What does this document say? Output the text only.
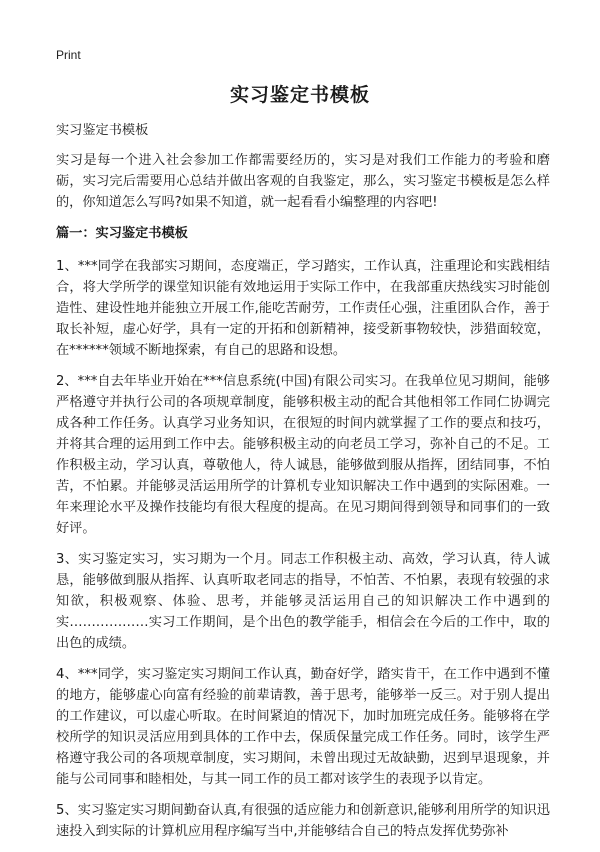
Print
实习鉴定书模板

实习鉴定书模板

实习是每一个进入社会参加工作都需要经历的，实习是对我们工作能力的考验和磨砺，实习完后需要用心总结并做出客观的自我鉴定，那么，实习鉴定书模板是怎么样的，你知道怎么写吗?如果不知道，就一起看看小编整理的内容吧!

篇一：实习鉴定书模板

1、***同学在我部实习期间，态度端正，学习踏实，工作认真，注重理论和实践相结合，将大学所学的课堂知识能有效地运用于实际工作中，在我部重庆热线实习时能创造性、建设性地并能独立开展工作,能吃苦耐劳，工作责任心强，注重团队合作，善于取长补短，虚心好学，具有一定的开拓和创新精神，接受新事物较快，涉猎面较宽，在******领域不断地探索，有自己的思路和设想。

2、***自去年毕业开始在***信息系统(中国)有限公司实习。在我单位见习期间，能够严格遵守并执行公司的各项规章制度，能够积极主动的配合其他相邻工作同仁协调完成各种工作任务。认真学习业务知识，在很短的时间内就掌握了工作的要点和技巧，并将其合理的运用到工作中去。能够积极主动的向老员工学习，弥补自己的不足。工作积极主动，学习认真，尊敬他人，待人诚恳，能够做到服从指挥，团结同事，不怕苦，不怕累。并能够灵活运用所学的计算机专业知识解决工作中遇到的实际困难。一年来理论水平及操作技能均有很大程度的提高。在见习期间得到领导和同事们的一致好评。

3、实习鉴定实习，实习期为一个月。同志工作积极主动、高效，学习认真，待人诚恳，能够做到服从指挥、认真听取老同志的指导，不怕苦、不怕累，表现有较强的求知欲，积极观察、体验、思考，并能够灵活运用自己的知识解决工作中遇到的实………………实习工作期间，是个出色的教学能手，相信会在今后的工作中，取的出色的成绩。

4、***同学，实习鉴定实习期间工作认真，勤奋好学，踏实肯干，在工作中遇到不懂的地方，能够虚心向富有经验的前辈请教，善于思考，能够举一反三。对于别人提出的工作建议，可以虚心听取。在时间紧迫的情况下，加时加班完成任务。能够将在学校所学的知识灵活应用到具体的工作中去，保质保量完成工作任务。同时，该学生严格遵守我公司的各项规章制度，实习期间，未曾出现过无故缺勤，迟到早退现象，并能与公司同事和睦相处，与其一同工作的员工都对该学生的表现予以肯定。

5、实习鉴定实习期间勤奋认真,有很强的适应能力和创新意识,能够利用所学的知识迅速投入到实际的计算机应用程序编写当中,并能够结合自己的特点发挥优势弥补
